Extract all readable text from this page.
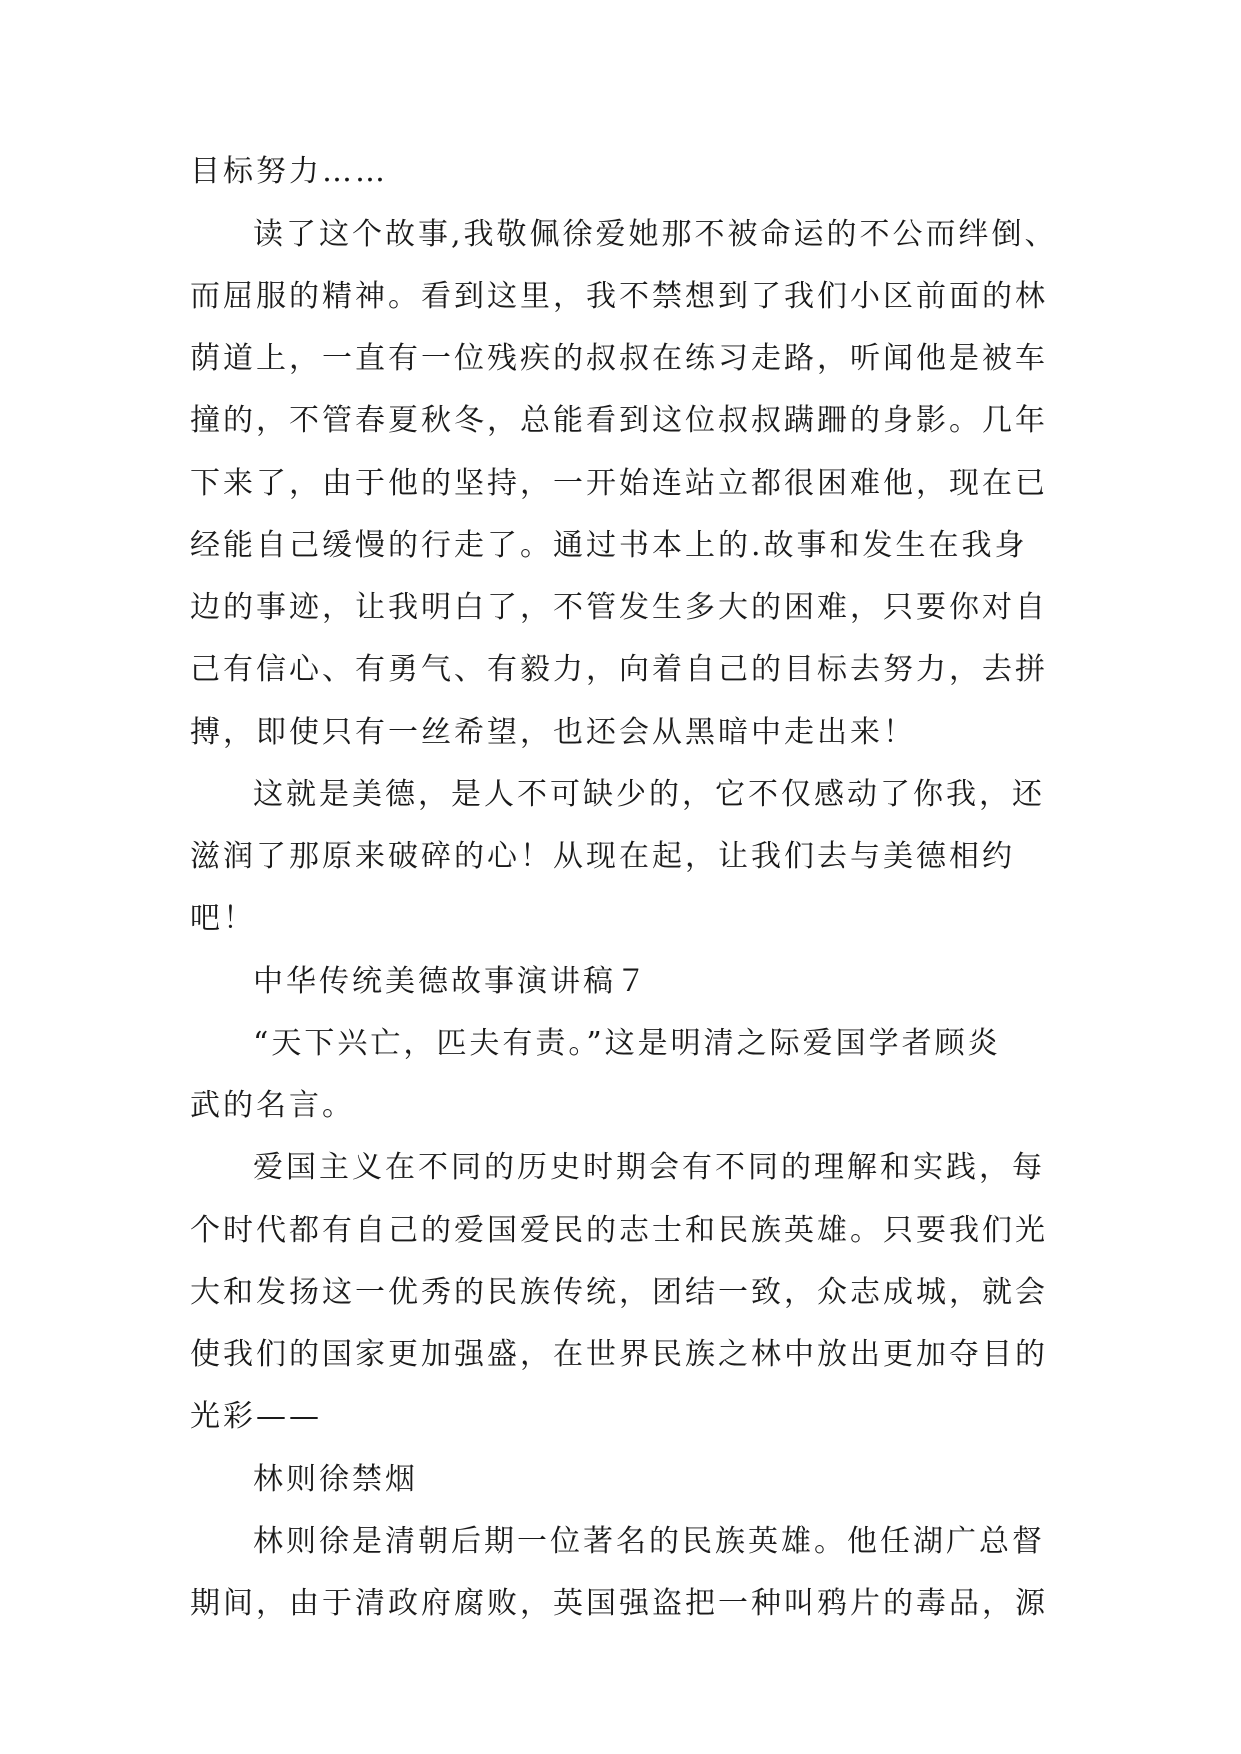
目标努力……
读了这个故事,我敬佩徐爱她那不被命运的不公而绊倒、
而屈服的精神。看到这里，我不禁想到了我们小区前面的林
荫道上，一直有一位残疾的叔叔在练习走路，听闻他是被车
撞的，不管春夏秋冬，总能看到这位叔叔蹒跚的身影。几年
下来了，由于他的坚持，一开始连站立都很困难他，现在已
经能自己缓慢的行走了。通过书本上的.故事和发生在我身
边的事迹，让我明白了，不管发生多大的困难，只要你对自
己有信心、有勇气、有毅力，向着自己的目标去努力，去拼
搏，即使只有一丝希望，也还会从黑暗中走出来！
这就是美德，是人不可缺少的，它不仅感动了你我，还
滋润了那原来破碎的心！从现在起，让我们去与美德相约
吧！
中华传统美德故事演讲稿７
“天下兴亡，匹夫有责。”这是明清之际爱国学者顾炎
武的名言。
爱国主义在不同的历史时期会有不同的理解和实践，每
个时代都有自己的爱国爱民的志士和民族英雄。只要我们光
大和发扬这一优秀的民族传统，团结一致，众志成城，就会
使我们的国家更加强盛，在世界民族之林中放出更加夺目的
光彩——
林则徐禁烟
林则徐是清朝后期一位著名的民族英雄。他任湖广总督
期间，由于清政府腐败，英国强盗把一种叫鸦片的毒品，源
